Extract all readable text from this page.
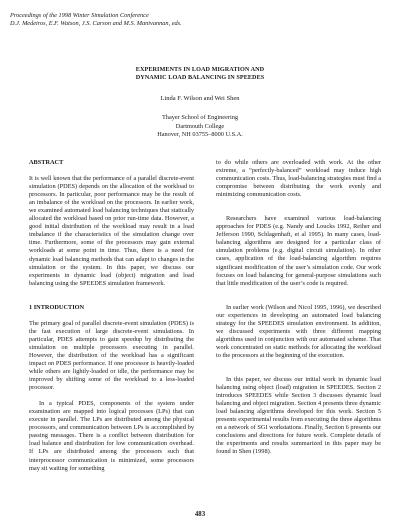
Proceedings of the 1998 Winter Simulation Conference
D.J. Medeiros, E.F. Watson, J.S. Carson and M.S. Manivannan, eds.
EXPERIMENTS IN LOAD MIGRATION AND
DYNAMIC LOAD BALANCING IN SPEEDES
Linda F. Wilson and Wei Shen
Thayer School of Engineering
Dartmouth College
Hanover, NH 03755–8000 U.S.A.
ABSTRACT
It is well known that the performance of a parallel discrete-event simulation (PDES) depends on the allocation of the workload to processors. In particular, poor performance may be the result of an imbalance of the workload on the processors. In earlier work, we examined automated load balancing techniques that statically allocated the workload based on prior run-time data. However, a good initial distribution of the workload may result in a load imbalance if the characteristics of the simulation change over time. Furthermore, some of the processors may gain external workloads at some point in time. Thus, there is a need for dynamic load balancing methods that can adapt to changes in the simulation or the system. In this paper, we discuss our experiments in dynamic load (object) migration and load balancing using the SPEEDES simulation framework.
1 INTRODUCTION
The primary goal of parallel discrete-event simulation (PDES) is the fast execution of large discrete-event simulations. In particular, PDES attempts to gain speedup by distributing the simulation on multiple processors executing in parallel. However, the distribution of the workload has a significant impact on PDES performance. If one processor is heavily-loaded while others are lightly-loaded or idle, the performance may be improved by shifting some of the workload to a less-loaded processor.
In a typical PDES, components of the system under examination are mapped into logical processes (LPs) that can execute in parallel. The LPs are distributed among the physical processors, and communication between LPs is accomplished by passing messages. There is a conflict between distribution for load balance and distribution for low communication overhead. If LPs are distributed among the processors such that interprocessor communication is minimized, some processors may sit waiting for something
to do while others are overloaded with work. At the other extreme, a “perfectly-balanced” workload may induce high communication costs. Thus, load-balancing strategies must find a compromise between distributing the work evenly and minimizing communication costs.
Researchers have examined various load-balancing approaches for PDES (e.g. Nandy and Loucks 1992, Reiher and Jefferson 1990, Schlagenhaft, et al 1995). In many cases, load-balancing algorithms are designed for a particular class of simulation problems (e.g. digital circuit simulation). In other cases, application of the load-balancing algorithm requires significant modification of the user’s simulation code. Our work focuses on load balancing for general-purpose simulations such that little modification of the user’s code is required.
In earlier work (Wilson and Nicol 1995, 1996), we described our experiences in developing an automated load balancing strategy for the SPEEDES simulation environment. In addition, we discussed experiments with three different mapping algorithms used in conjunction with our automated scheme. That work concentrated on static methods for allocating the workload to the processors at the beginning of the execution.
In this paper, we discuss our initial work in dynamic load balancing using object (load) migration in SPEEDES. Section 2 introduces SPEEDES while Section 3 discusses dynamic load balancing and object migration. Section 4 presents three dynamic load balancing algorithms developed for this work. Section 5 presents experimental results from executing the three algorithms on a network of SGI workstations. Finally, Section 6 presents our conclusions and directions for future work. Complete details of the experiments and results summarized in this paper may be found in Shen (1998).
483
